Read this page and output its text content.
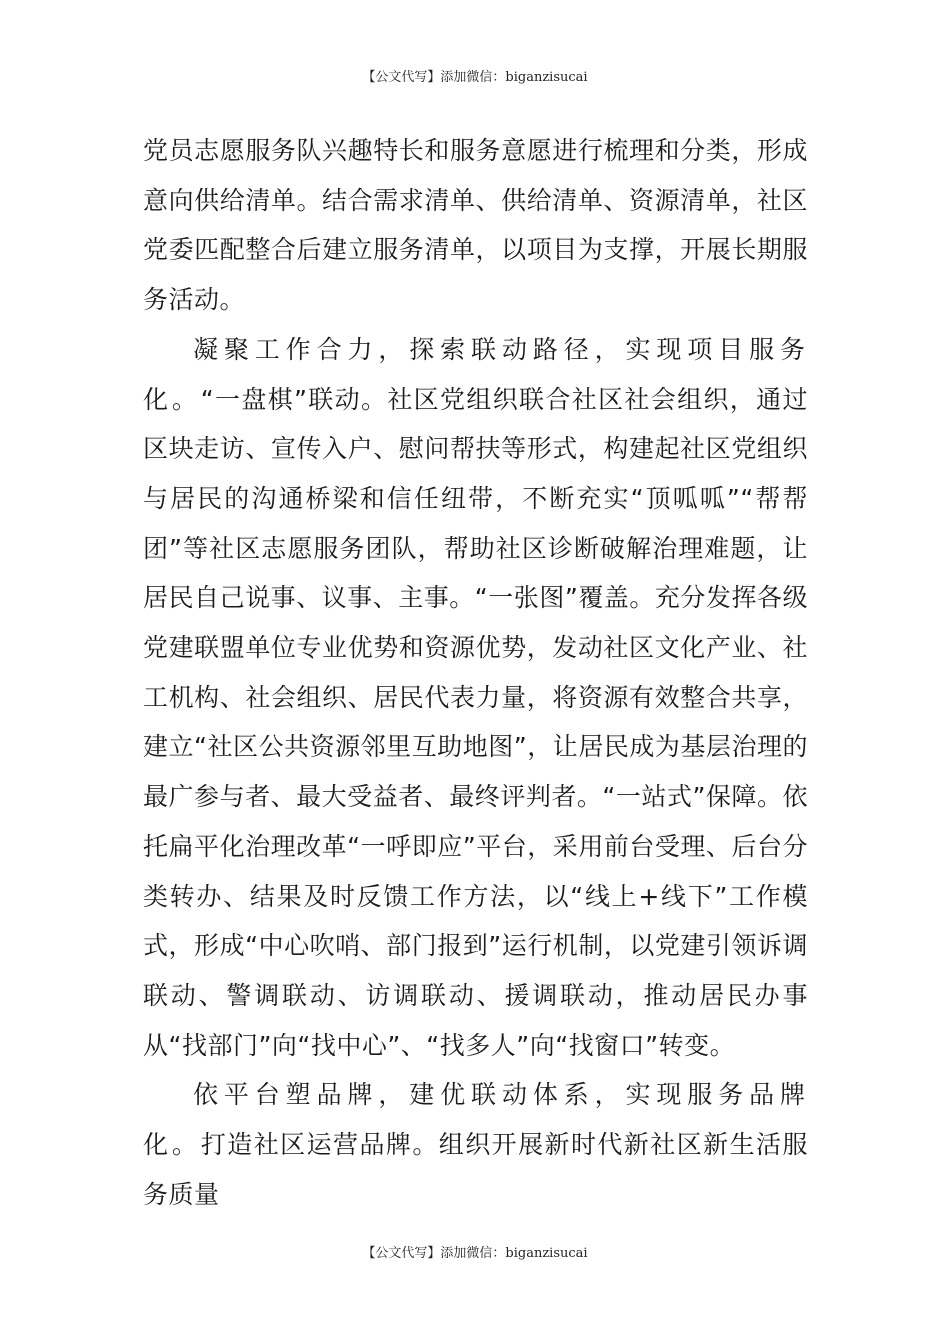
【公文代写】添加微信：biganzisucai

党员志愿服务队兴趣特长和服务意愿进行梳理和分类，形成意向供给清单。结合需求清单、供给清单、资源清单，社区党委匹配整合后建立服务清单，以项目为支撑，开展长期服务活动。

凝聚工作合力，探索联动路径，实现项目服务化。“一盘棋”联动。社区党组织联合社区社会组织，通过区块走访、宣传入户、慰问帮扶等形式，构建起社区党组织与居民的沟通桥梁和信任纽带，不断充实“顶呱呱”“帮帮团”等社区志愿服务团队，帮助社区诊断破解治理难题，让居民自己说事、议事、主事。“一张图”覆盖。充分发挥各级党建联盟单位专业优势和资源优势，发动社区文化产业、社工机构、社会组织、居民代表力量，将资源有效整合共享，建立“社区公共资源邻里互助地图”，让居民成为基层治理的最广参与者、最大受益者、最终评判者。“一站式”保障。依托扁平化治理改革“一呼即应”平台，采用前台受理、后台分类转办、结果及时反馈工作方法，以“线上+线下”工作模式，形成“中心吹哨、部门报到”运行机制，以党建引领诉调联动、警调联动、访调联动、援调联动，推动居民办事从“找部门”向“找中心”、“找多人”向“找窗口”转变。

依平台塑品牌，建优联动体系，实现服务品牌化。打造社区运营品牌。组织开展新时代新社区新生活服务质量

【公文代写】添加微信：biganzisucai
